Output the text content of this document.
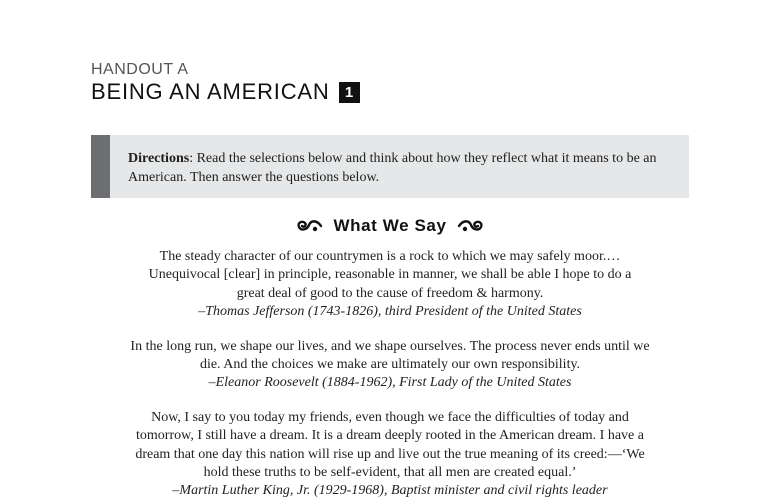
HANDOUT A
BEING AN AMERICAN	1
Directions: Read the selections below and think about how they reflect what it means to be an American. Then answer the questions below.
What We Say
The steady character of our countrymen is a rock to which we may safely moor.…
Unequivocal [clear] in principle, reasonable in manner, we shall be able I hope to do a
great deal of good to the cause of freedom & harmony.
–Thomas Jefferson (1743-1826), third President of the United States
In the long run, we shape our lives, and we shape ourselves. The process never ends until we
die. And the choices we make are ultimately our own responsibility.
–Eleanor Roosevelt (1884-1962), First Lady of the United States
Now, I say to you today my friends, even though we face the difficulties of today and
tomorrow, I still have a dream. It is a dream deeply rooted in the American dream. I have a
dream that one day this nation will rise up and live out the true meaning of its creed:—‘We
hold these truths to be self-evident, that all men are created equal.’
–Martin Luther King, Jr. (1929-1968), Baptist minister and civil rights leader
